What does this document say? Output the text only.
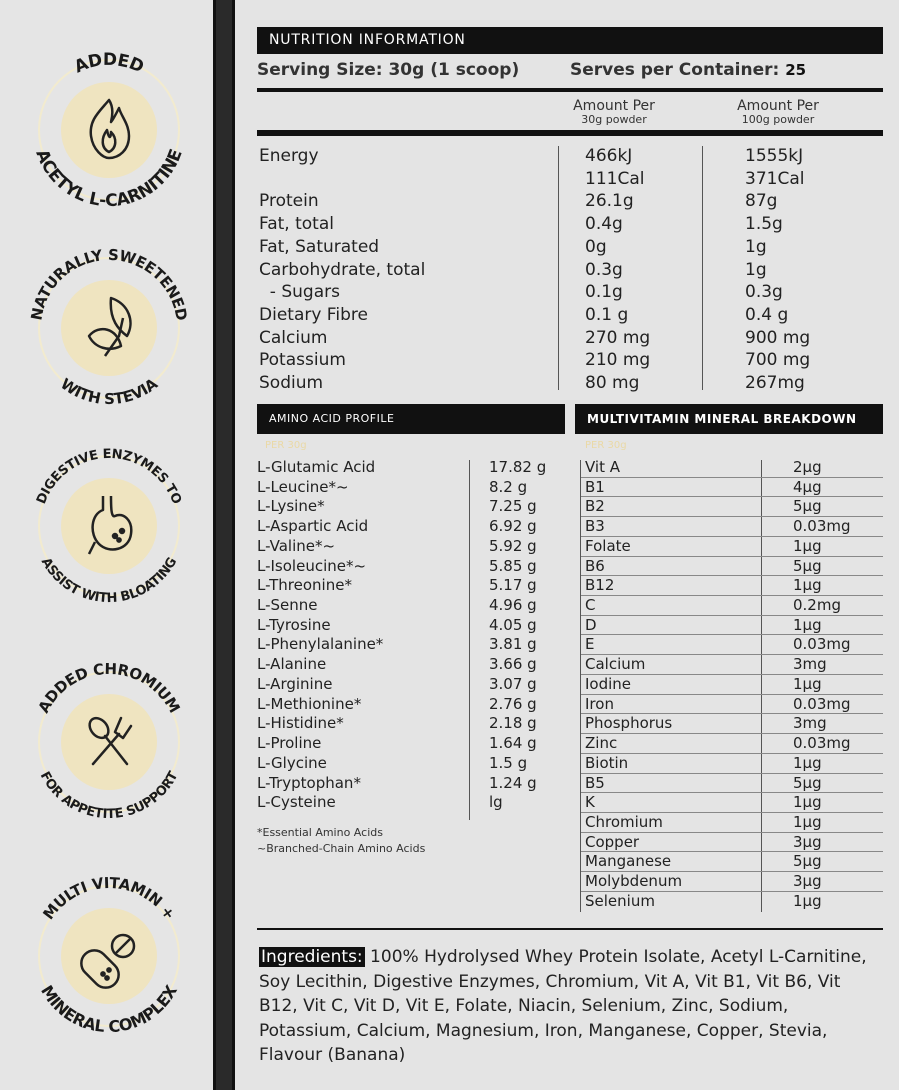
ADDED
ACETYL L-CARNITINE
NATURALLY SWEETENED
WITH STEVIA
DIGESTIVE ENZYMES TO
ASSIST WITH BLOATING
ADDED CHROMIUM
FOR APPETITE SUPPORT
MULTI VITAMIN +
MINERAL COMPLEX
NUTRITION INFORMATION
Serving Size: 30g (1 scoop)	Serves per Container: 25
Amount Per
30g powder
Amount Per
100g powder
Energy	466kJ	1555kJ
111Cal	371Cal
Protein	26.1g	87g
Fat, total	0.4g	1.5g
Fat, Saturated	0g	1g
Carbohydrate, total	0.3g	1g
- Sugars	0.1g	0.3g
Dietary Fibre	0.1 g	0.4 g
Calcium	270 mg	900 mg
Potassium	210 mg	700 mg
Sodium	80 mg	267mg
AMINO ACID PROFILE	MULTIVITAMIN MINERAL BREAKDOWN
PER 30g	PER 30g
L-Glutamic Acid	17.82 g
L-Leucine*~	8.2 g
L-Lysine*	7.25 g
L-Aspartic Acid	6.92 g
L-Valine*~	5.92 g
L-Isoleucine*~	5.85 g
L-Threonine*	5.17 g
L-Senne	4.96 g
L-Tyrosine	4.05 g
L-Phenylalanine*	3.81 g
L-Alanine	3.66 g
L-Arginine	3.07 g
L-Methionine*	2.76 g
L-Histidine*	2.18 g
L-Proline	1.64 g
L-Glycine	1.5 g
L-Tryptophan*	1.24 g
L-Cysteine	lg
Vit A	2µg
B1	4µg
B2	5µg
B3	0.03mg
Folate	1µg
B6	5µg
B12	1µg
C	0.2mg
D	1µg
E	0.03mg
Calcium	3mg
Iodine	1µg
Iron	0.03mg
Phosphorus	3mg
Zinc	0.03mg
Biotin	1µg
B5	5µg
K	1µg
Chromium	1µg
Copper	3µg
Manganese	5µg
Molybdenum	3µg
Selenium	1µg
*Essential Amino Acids
~Branched-Chain Amino Acids
Ingredients: 100% Hydrolysed Whey Protein Isolate, Acetyl L-Carnitine, Soy Lecithin, Digestive Enzymes, Chromium, Vit A, Vit B1, Vit B6, Vit B12, Vit C, Vit D, Vit E, Folate, Niacin, Selenium, Zinc, Sodium, Potassium, Calcium, Magnesium, Iron, Manganese, Copper, Stevia, Flavour (Banana)
